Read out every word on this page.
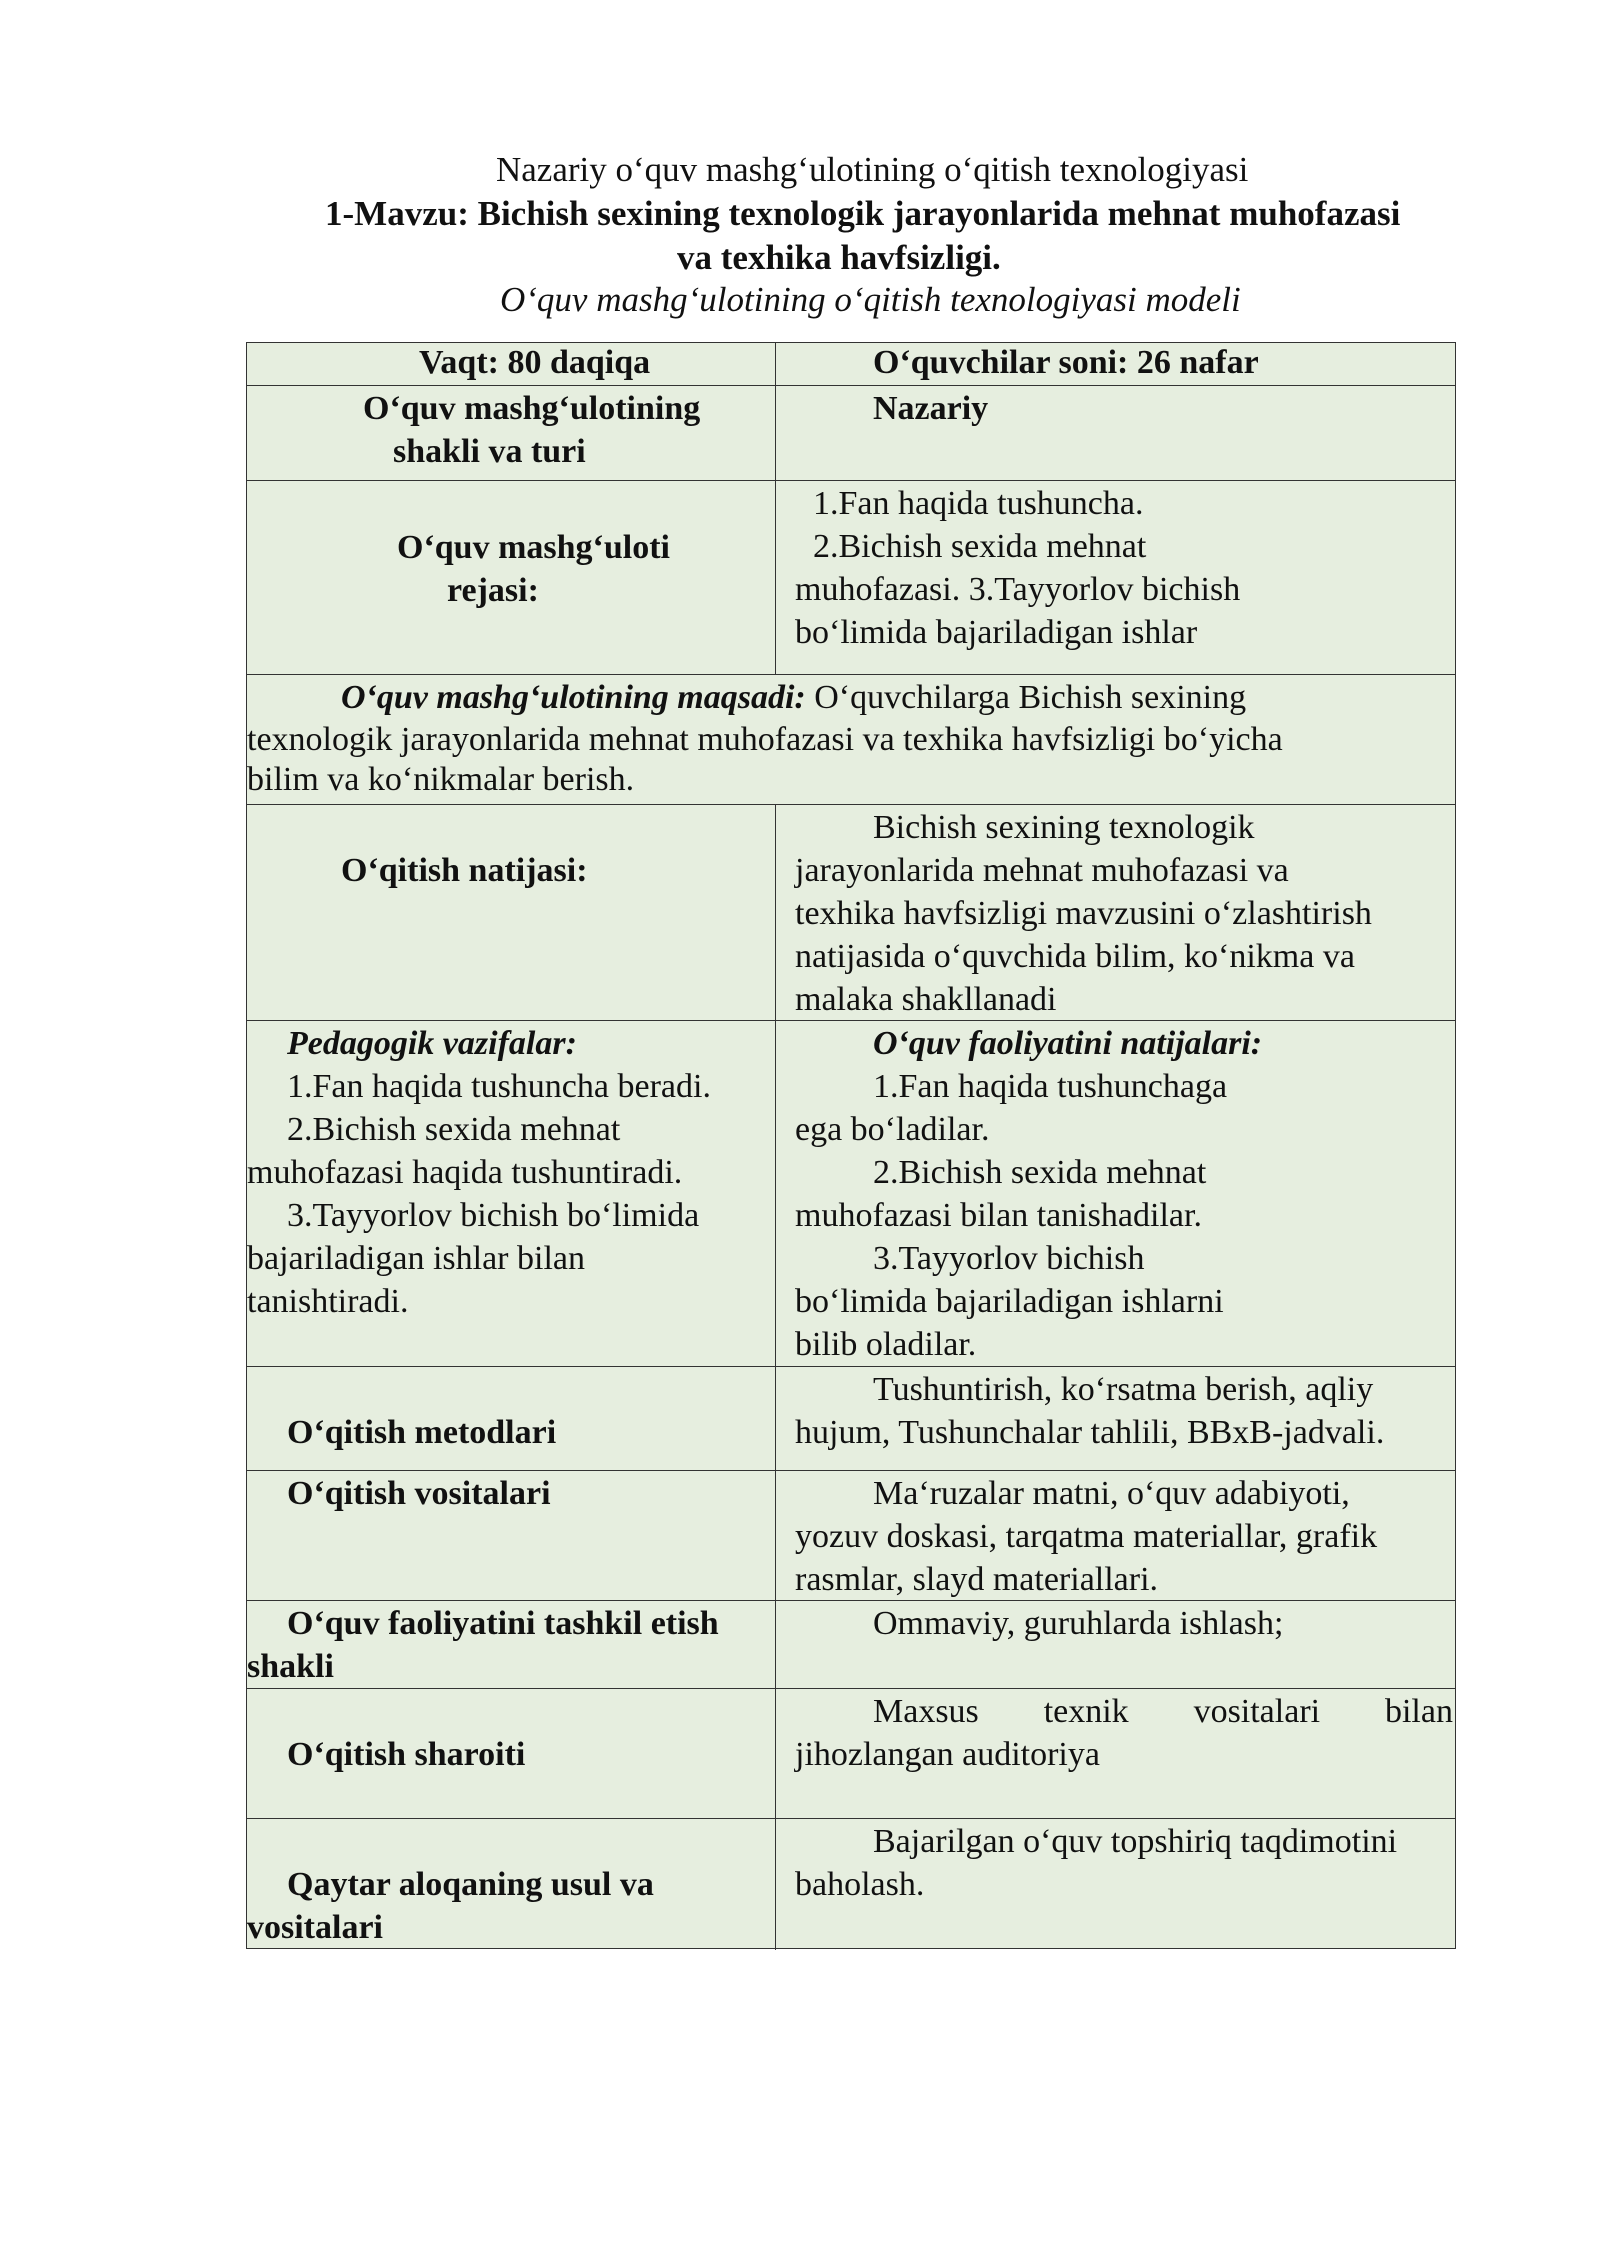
Nazariy o‘quv mashg‘ulotining o‘qitish texnologiyasi
1-Mavzu: Bichish sexining texnologik jarayonlarida mehnat muhofazasi
va texhika havfsizligi.
O‘quv mashg‘ulotining o‘qitish texnologiyasi modeli
Vaqt: 80 daqiqa	O‘quvchilar soni: 26 nafar
O‘quv mashg‘ulotining
shakli va turi
Nazariy
O‘quv mashg‘uloti
rejasi:
1.Fan haqida tushuncha.
2.Bichish sexida mehnat
muhofazasi. 3.Tayyorlov bichish
bo‘limida bajariladigan ishlar
O‘quv mashg‘ulotining maqsadi: O‘quvchilarga Bichish sexining
texnologik jarayonlarida mehnat muhofazasi va texhika havfsizligi bo‘yicha
bilim va ko‘nikmalar berish.
O‘qitish natijasi:
Bichish sexining texnologik
jarayonlarida mehnat muhofazasi va
texhika havfsizligi mavzusini o‘zlashtirish
natijasida o‘quvchida bilim, ko‘nikma va
malaka shakllanadi
Pedagogik vazifalar:
1.Fan haqida tushuncha beradi.
2.Bichish sexida mehnat
muhofazasi haqida tushuntiradi.
3.Tayyorlov bichish bo‘limida
bajariladigan ishlar bilan
tanishtiradi.
O‘quv faoliyatini natijalari:
1.Fan haqida tushunchaga
ega bo‘ladilar.
2.Bichish sexida mehnat
muhofazasi bilan tanishadilar.
3.Tayyorlov bichish
bo‘limida bajariladigan ishlarni
bilib oladilar.
O‘qitish metodlari
Tushuntirish, ko‘rsatma berish, aqliy
hujum, Tushunchalar tahlili, BBxB-jadvali.
O‘qitish vositalari	Ma‘ruzalar matni, o‘quv adabiyoti,
yozuv doskasi, tarqatma materiallar, grafik
rasmlar, slayd materiallari.
O‘quv faoliyatini tashkil etish
shakli
Ommaviy, guruhlarda ishlash;
O‘qitish sharoiti
Maxsus texnik vositalari bilan
jihozlangan auditoriya
Qaytar aloqaning usul va
vositalari
Bajarilgan o‘quv topshiriq taqdimotini
baholash.
